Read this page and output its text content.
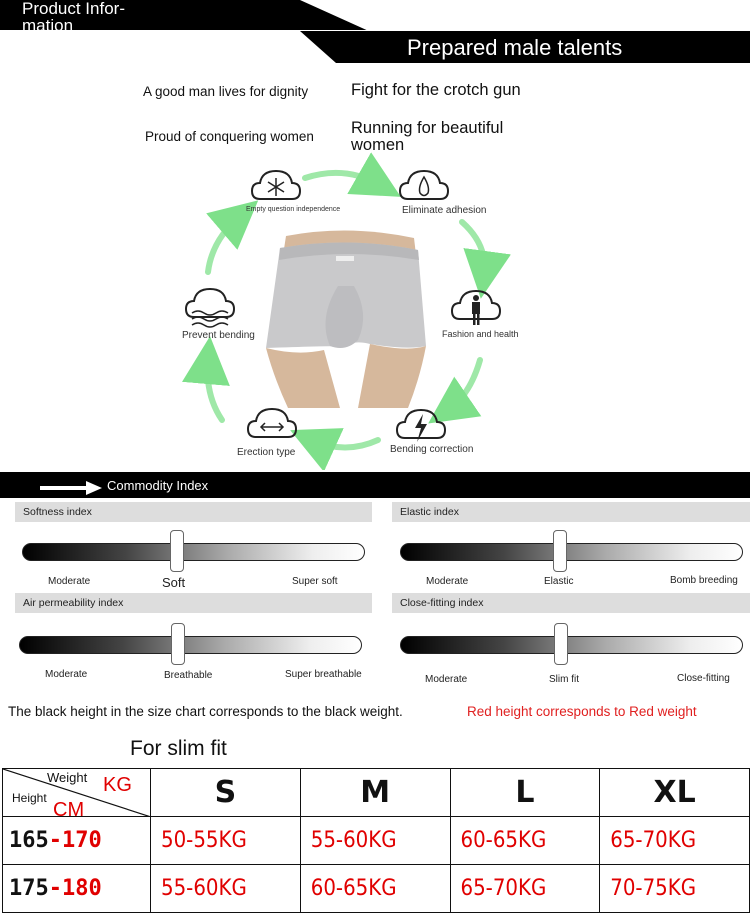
Product Infor-mation
Prepared male talents
A good man lives for dignity	Fight for the crotch gun
Proud of conquering women Running for beautiful women
Empty question independence	Eliminate adhesion
Fashion and health
Bending correction
Erection type
Prevent bending
Commodity Index
Softness index
Moderate	Soft	Super soft
Elastic index
Moderate	Elastic	Bomb breeding
Air permeability index
Moderate	Breathable	Super breathable
Close-fitting index
Moderate	Slim fit	Close-fitting
The black height in the size chart corresponds to the black weight.	Red height corresponds to Red weight
For slim fit
Weight KG
Height
CM	S	M	L	XL
165-170	50-55KG	55-60KG	60-65KG	65-70KG
175-180	55-60KG	60-65KG	65-70KG	70-75KG
